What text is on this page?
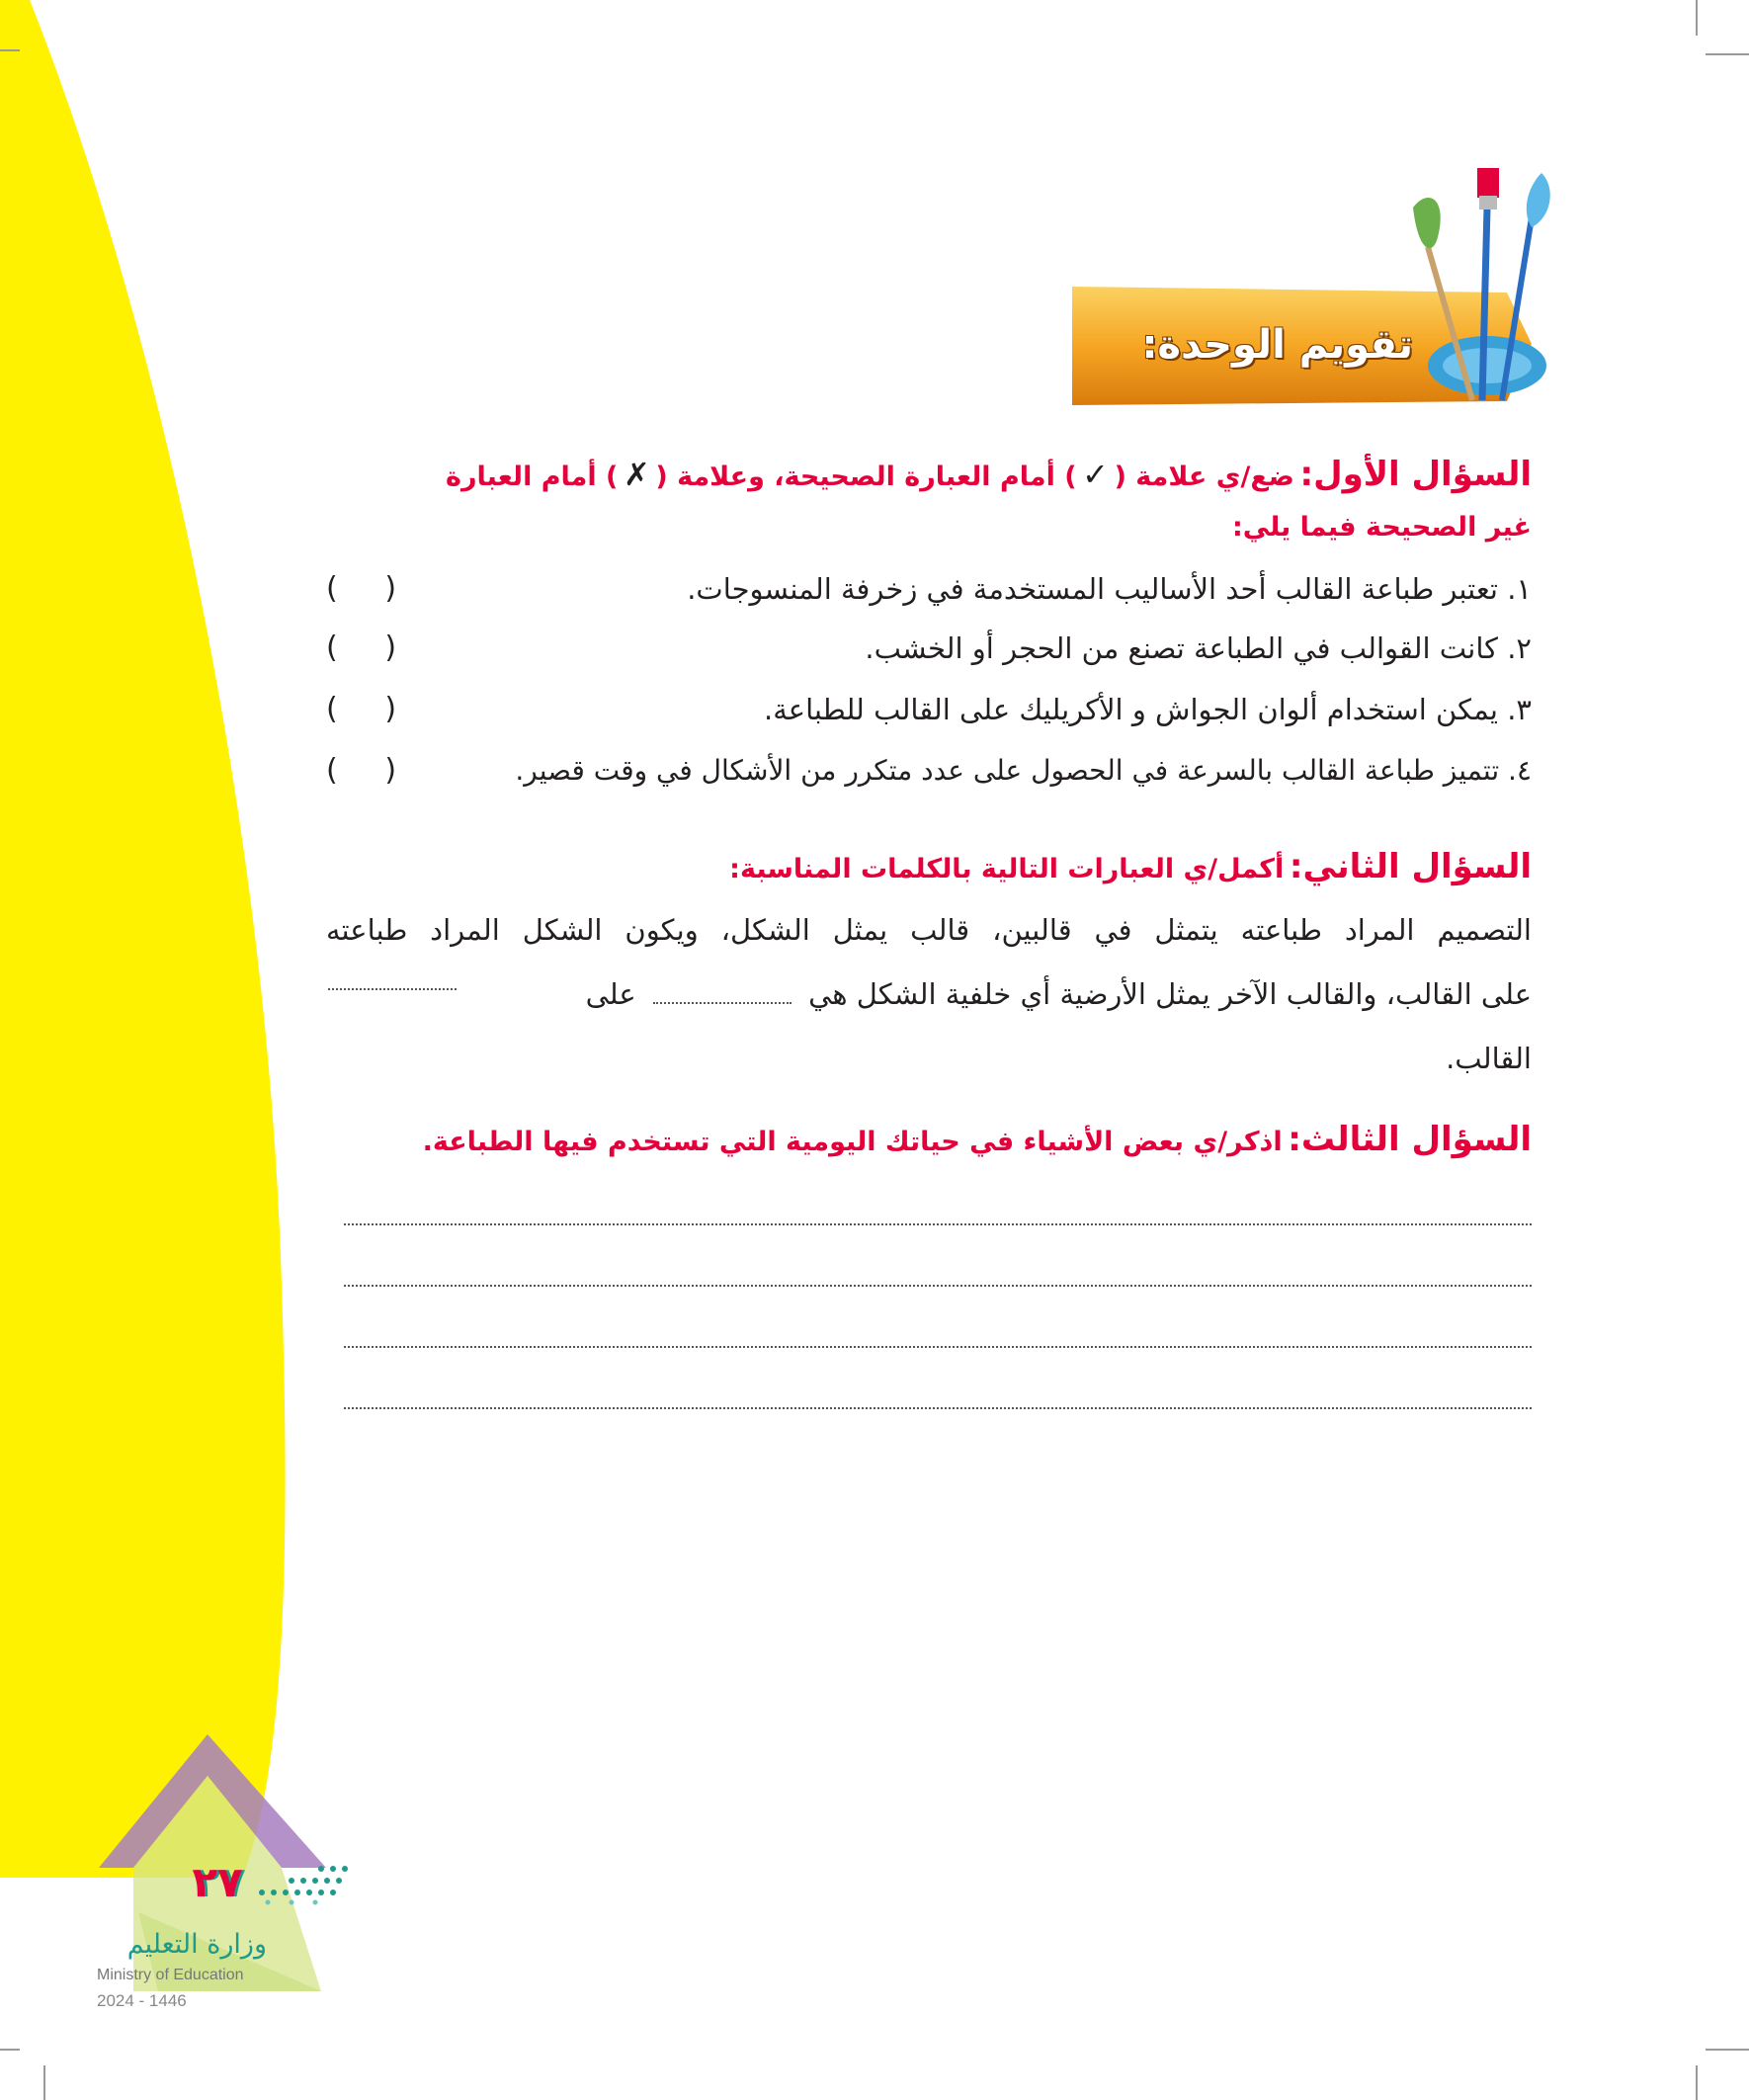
تقويم الوحدة:
السؤال الأول: ضع/ي علامة ( ✓ ) أمام العبارة الصحيحة، وعلامة ( ✗ ) أمام العبارة
غير الصحيحة فيما يلي:
١. تعتبر طباعة القالب أحد الأساليب المستخدمة في زخرفة المنسوجات.
(     )
٢. كانت القوالب في الطباعة تصنع من الحجر أو الخشب.
(     )
٣. يمكن استخدام ألوان الجواش و الأكريليك على القالب للطباعة.
(     )
٤. تتميز طباعة القالب بالسرعة في الحصول على عدد متكرر من الأشكال في وقت قصير.
(     )
السؤال الثاني: أكمل/ي العبارات التالية بالكلمات المناسبة:
التصميم المراد طباعته يتمثل في قالبين، قالب يمثل الشكل، ويكون الشكل المراد طباعته
على القالب، والقالب الآخر يمثل الأرضية أي خلفية الشكل هي  على
القالب.
السؤال الثالث: اذكر/ي بعض الأشياء في حياتك اليومية التي تستخدم فيها الطباعة.
٢٧
وزارة التعليم
Ministry of Education
2024 - 1446
